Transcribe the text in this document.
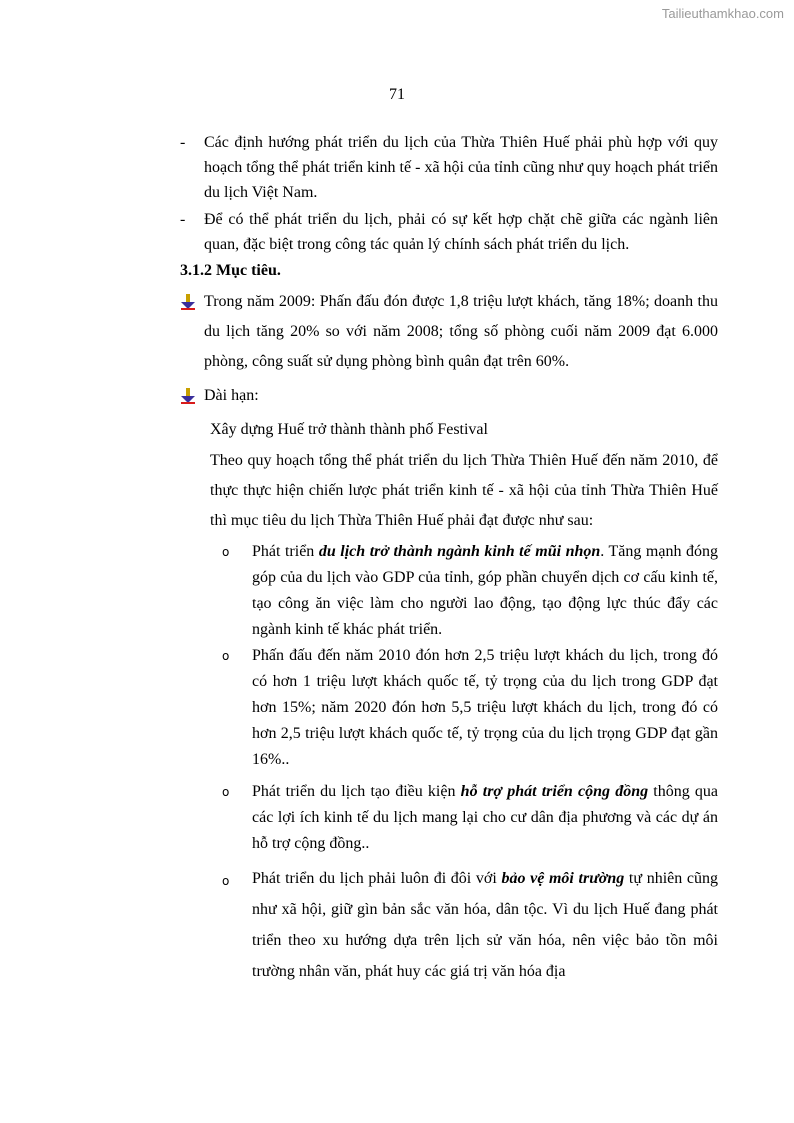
Tailieuthamkhao.com
71
- Các định hướng phát triển du lịch của Thừa Thiên Huế phải phù hợp với quy hoạch tổng thể phát triển kinh tế - xã hội của tỉnh cũng như quy hoạch phát triển du lịch Việt Nam.
- Để có thể phát triển du lịch, phải có sự kết hợp chặt chẽ giữa các ngành liên quan, đặc biệt trong công tác quản lý chính sách phát triển du lịch.
3.1.2 Mục tiêu.
Trong năm 2009: Phấn đấu đón được 1,8 triệu lượt khách, tăng 18%; doanh thu du lịch tăng 20% so với năm 2008; tổng số phòng cuối năm 2009 đạt 6.000 phòng, công suất sử dụng phòng bình quân đạt trên 60%.
Dài hạn:
Xây dựng Huế trở thành thành phố Festival
Theo quy hoạch tổng thể phát triển du lịch Thừa Thiên Huế đến năm 2010, để thực thực hiện chiến lược phát triển kinh tế - xã hội của tỉnh Thừa Thiên Huế thì mục tiêu du lịch Thừa Thiên Huế phải đạt được như sau:
o Phát triển du lịch trở thành ngành kinh tế mũi nhọn. Tăng mạnh đóng góp của du lịch vào GDP của tỉnh, góp phần chuyển dịch cơ cấu kinh tế, tạo công ăn việc làm cho người lao động, tạo động lực thúc đẩy các ngành kinh tế khác phát triển.
o Phấn đấu đến năm 2010 đón hơn 2,5 triệu lượt khách du lịch, trong đó có hơn 1 triệu lượt khách quốc tế, tỷ trọng của du lịch trong GDP đạt hơn 15%; năm 2020 đón hơn 5,5 triệu lượt khách du lịch, trong đó có hơn 2,5 triệu lượt khách quốc tế, tỷ trọng của du lịch trọng GDP đạt gần 16%..
o Phát triển du lịch tạo điều kiện hỗ trợ phát triển cộng đồng thông qua các lợi ích kinh tế du lịch mang lại cho cư dân địa phương và các dự án hỗ trợ cộng đồng..
o Phát triển du lịch phải luôn đi đôi với bảo vệ môi trường tự nhiên cũng như xã hội, giữ gìn bản sắc văn hóa, dân tộc. Vì du lịch Huế đang phát triển theo xu hướng dựa trên lịch sử văn hóa, nên việc bảo tồn môi trường nhân văn, phát huy các giá trị văn hóa địa
